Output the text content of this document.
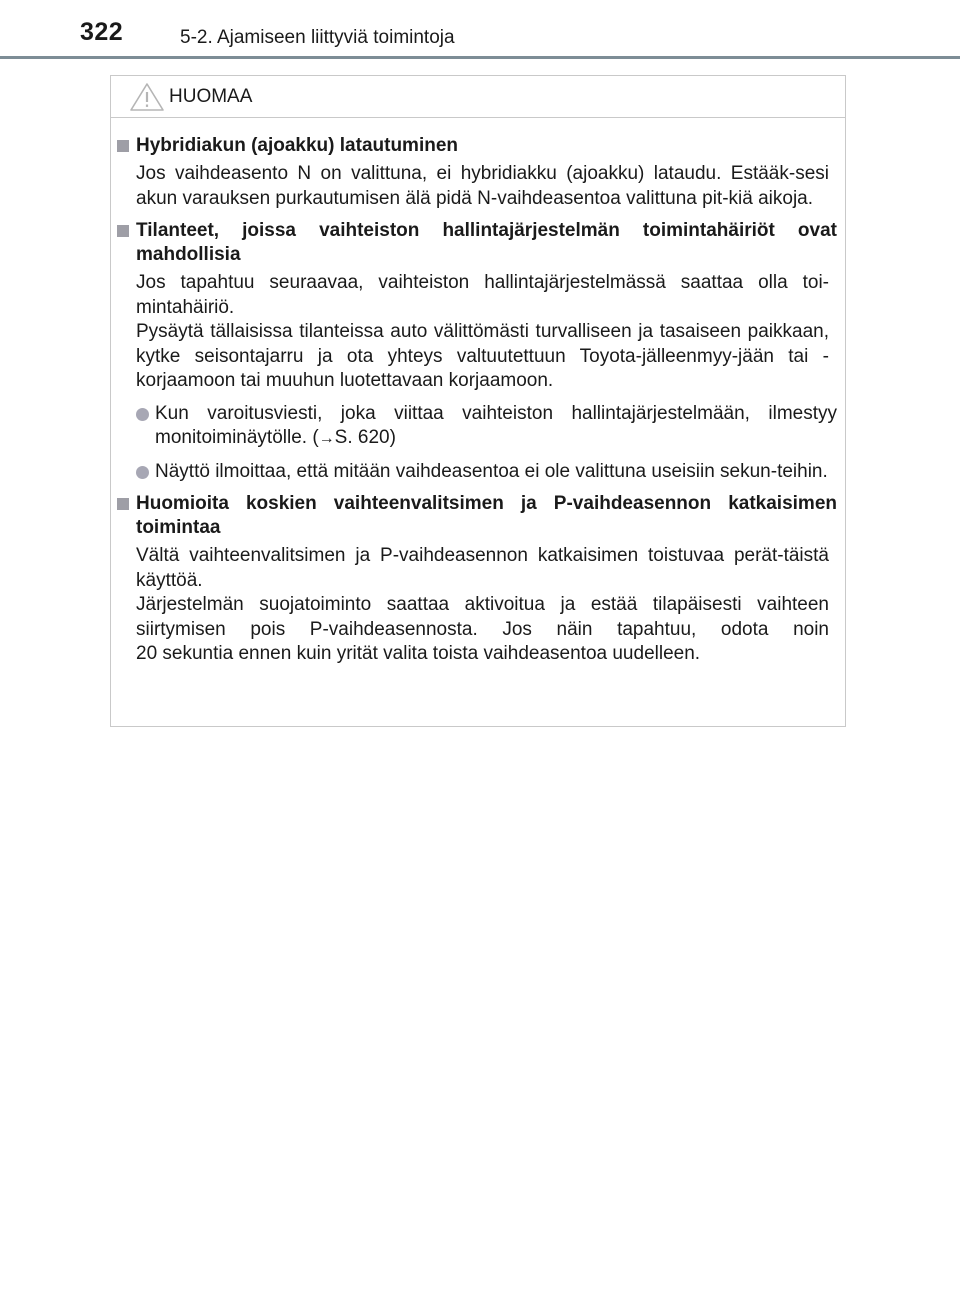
322	5-2. Ajamiseen liittyviä toimintoja
HUOMAA
Hybridiakun (ajoakku) latautuminen
Jos vaihdeasento N on valittuna, ei hybridiakku (ajoakku) lataudu. Estääk-sesi akun varauksen purkautumisen älä pidä N-vaihdeasentoa valittuna pit-kiä aikoja.
Tilanteet, joissa vaihteiston hallintajärjestelmän toimintahäiriöt ovat mahdollisia
Jos tapahtuu seuraavaa, vaihteiston hallintajärjestelmässä saattaa olla toi-mintahäiriö.
Pysäytä tällaisissa tilanteissa auto välittömästi turvalliseen ja tasaiseen paikkaan, kytke seisontajarru ja ota yhteys valtuutettuun Toyota-jälleenmyy-jään tai -korjaamoon tai muuhun luotettavaan korjaamoon.
Kun varoitusviesti, joka viittaa vaihteiston hallintajärjestelmään, ilmestyy monitoiminäytölle. (→S. 620)
Näyttö ilmoittaa, että mitään vaihdeasentoa ei ole valittuna useisiin sekun-teihin.
Huomioita koskien vaihteenvalitsimen ja P-vaihdeasennon katkaisimen toimintaa
Vältä vaihteenvalitsimen ja P-vaihdeasennon katkaisimen toistuvaa perät-täistä käyttöä.
Järjestelmän suojatoiminto saattaa aktivoitua ja estää tilapäisesti vaihteen siirtymisen pois P-vaihdeasennosta. Jos näin tapahtuu, odota noin
20 sekuntia ennen kuin yrität valita toista vaihdeasentoa uudelleen.
